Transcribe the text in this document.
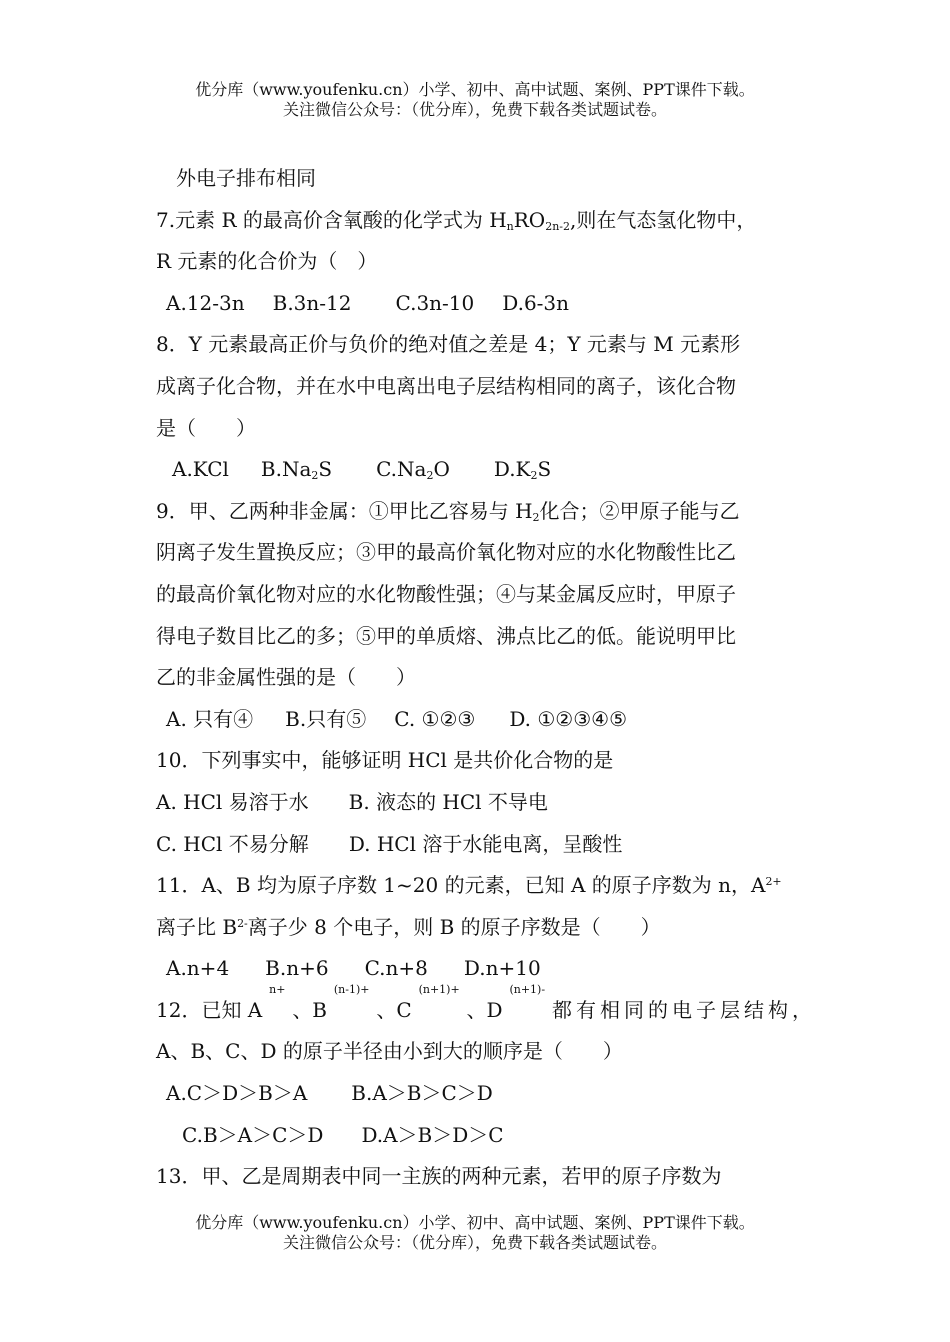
优分库（www.youfenku.cn）小学、初中、高中试题、案例、PPT课件下载。
关注微信公众号：（优分库），免费下载各类试题试卷。
外电子排布相同
7.元素 R 的最高价含氧酸的化学式为 $H_nRO_{2n-2}$,则在气态氢化物中，
R 元素的化合价为（　）
A.12-3n B.3n-12 C.3n-10 D.6-3n
8．Y 元素最高正价与负价的绝对值之差是 4；Y 元素与 M 元素形
成离子化合物，并在水中电离出电子层结构相同的离子，该化合物
是（　　）
A.KCl $B.Na_2S$ $C.Na_2O$ $D.K_2S$
9．甲、乙两种非金属：①甲比乙容易与 $H_2$化合；②甲原子能与乙
阴离子发生置换反应；③甲的最高价氧化物对应的水化物酸性比乙
的最高价氧化物对应的水化物酸性强；④与某金属反应时，甲原子
得电子数目比乙的多；⑤甲的单质熔、沸点比乙的低。能说明甲比
乙的非金属性强的是（　　）
A. 只有④ B.只有⑤ C. ①②③ D. ①②③④⑤
10．下列事实中，能够证明 HCl 是共价化合物的是
A. HCl 易溶于水 B. 液态的 HCl 不导电
C. HCl 不易分解 D. HCl 溶于水能电离，呈酸性
11．A、B 均为原子序数 1~20 的元素，已知 A 的原子序数为 n，$A^{2+}$
离子比 $B^{2-}$离子少 8 个电子，则 B 的原子序数是（　　）
A.n+4 B.n+6 C.n+8 D.n+10
12．已知 A
n+
、B
(n-1)+
、C
(n+1)+
、D
(n+1)-
都有相同的电子层结构，
A、B、C、D 的原子半径由小到大的顺序是（　　）
A.C＞D＞B＞A B.A＞B＞C＞D
C.B＞A＞C＞D D.A＞B＞D＞C
13．甲、乙是周期表中同一主族的两种元素，若甲的原子序数为
优分库（www.youfenku.cn）小学、初中、高中试题、案例、PPT课件下载。
关注微信公众号：（优分库），免费下载各类试题试卷。
